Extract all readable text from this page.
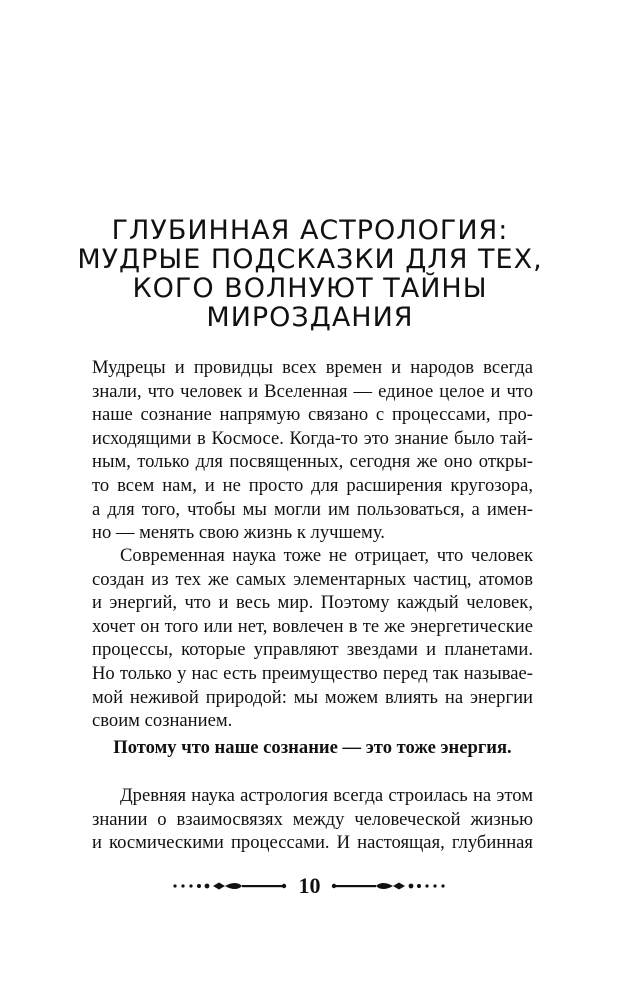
ГЛУБИННАЯ АСТРОЛОГИЯ:
МУДРЫЕ ПОДСКАЗКИ ДЛЯ ТЕХ,
КОГО ВОЛНУЮТ ТАЙНЫ
МИРОЗДАНИЯ
Мудрецы и провидцы всех времен и народов всегда
знали, что человек и Вселенная — единое целое и что
наше сознание напрямую связано с процессами, про-
исходящими в Космосе. Когда-то это знание было тай-
ным, только для посвященных, сегодня же оно откры-
то всем нам, и не просто для расширения кругозора,
а для того, чтобы мы могли им пользоваться, а имен-
но — менять свою жизнь к лучшему.
Современная наука тоже не отрицает, что человек
создан из тех же самых элементарных частиц, атомов
и энергий, что и весь мир. Поэтому каждый человек,
хочет он того или нет, вовлечен в те же энергетические
процессы, которые управляют звездами и планетами.
Но только у нас есть преимущество перед так называе-
мой неживой природой: мы можем влиять на энергии
своим сознанием.
Потому что наше сознание — это тоже энергия.
Древняя наука астрология всегда строилась на этом
знании о взаимосвязях между человеческой жизнью
и космическими процессами. И настоящая, глубинная
10
